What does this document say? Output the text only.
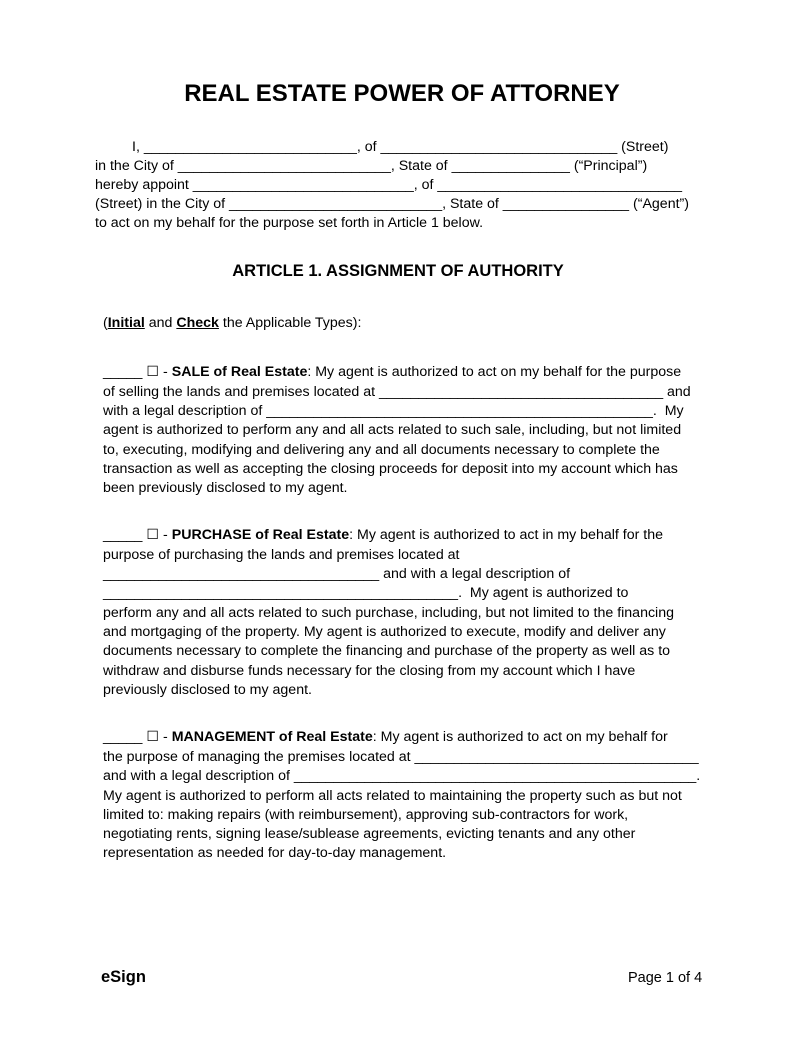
REAL ESTATE POWER OF ATTORNEY
I, ___________________________, of ______________________________ (Street)
in the City of ___________________________, State of _______________ (“Principal”)
hereby appoint ____________________________, of _______________________________
(Street) in the City of ___________________________, State of ________________ (“Agent”)
to act on my behalf for the purpose set forth in Article 1 below.
ARTICLE 1. ASSIGNMENT OF AUTHORITY
(Initial and Check the Applicable Types):
_____ ☐ - SALE of Real Estate: My agent is authorized to act on my behalf for the purpose
of selling the lands and premises located at ____________________________________ and
with a legal description of _________________________________________________.  My
agent is authorized to perform any and all acts related to such sale, including, but not limited
to, executing, modifying and delivering any and all documents necessary to complete the
transaction as well as accepting the closing proceeds for deposit into my account which has
been previously disclosed to my agent.
_____ ☐ - PURCHASE of Real Estate: My agent is authorized to act in my behalf for the
purpose of purchasing the lands and premises located at
___________________________________ and with a legal description of
_____________________________________________.  My agent is authorized to
perform any and all acts related to such purchase, including, but not limited to the financing
and mortgaging of the property. My agent is authorized to execute, modify and deliver any
documents necessary to complete the financing and purchase of the property as well as to
withdraw and disburse funds necessary for the closing from my account which I have
previously disclosed to my agent.
_____ ☐ - MANAGEMENT of Real Estate: My agent is authorized to act on my behalf for
the purpose of managing the premises located at ____________________________________
and with a legal description of ___________________________________________________.
My agent is authorized to perform all acts related to maintaining the property such as but not
limited to: making repairs (with reimbursement), approving sub-contractors for work,
negotiating rents, signing lease/sublease agreements, evicting tenants and any other
representation as needed for day-to-day management.
eSign	Page 1 of 4
